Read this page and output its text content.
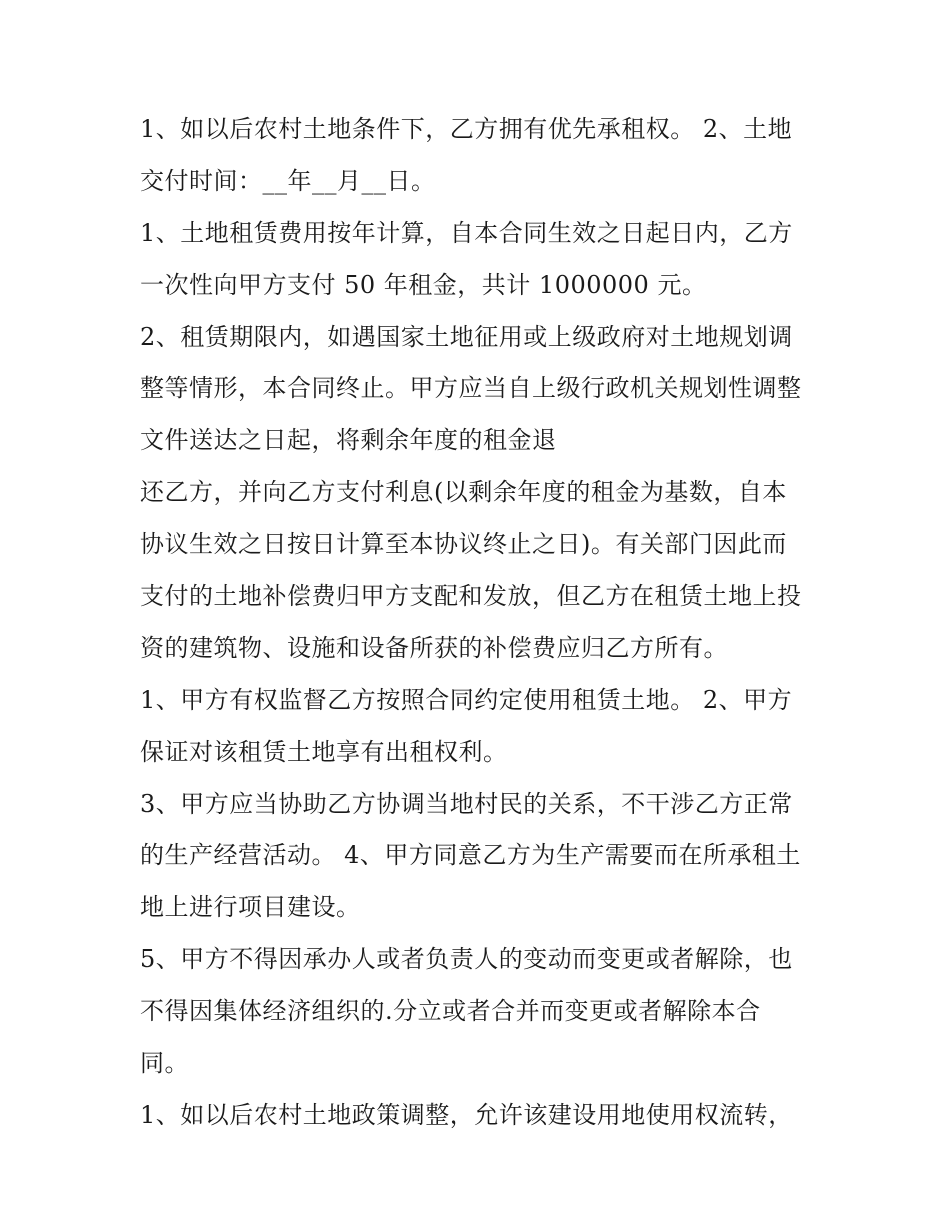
1、如以后农村土地条件下，乙方拥有优先承租权。 2、土地
交付时间：__年__月__日。
1、土地租赁费用按年计算，自本合同生效之日起日内，乙方
一次性向甲方支付 50 年租金，共计 1000000 元。
2、租赁期限内，如遇国家土地征用或上级政府对土地规划调
整等情形，本合同终止。甲方应当自上级行政机关规划性调整
文件送达之日起，将剩余年度的租金退
还乙方，并向乙方支付利息(以剩余年度的租金为基数，自本
协议生效之日按日计算至本协议终止之日)。有关部门因此而
支付的土地补偿费归甲方支配和发放，但乙方在租赁土地上投
资的建筑物、设施和设备所获的补偿费应归乙方所有。
1、甲方有权监督乙方按照合同约定使用租赁土地。 2、甲方
保证对该租赁土地享有出租权利。
3、甲方应当协助乙方协调当地村民的关系，不干涉乙方正常
的生产经营活动。 4、甲方同意乙方为生产需要而在所承租土
地上进行项目建设。
5、甲方不得因承办人或者负责人的变动而变更或者解除，也
不得因集体经济组织的.分立或者合并而变更或者解除本合
同。
1、如以后农村土地政策调整，允许该建设用地使用权流转，
